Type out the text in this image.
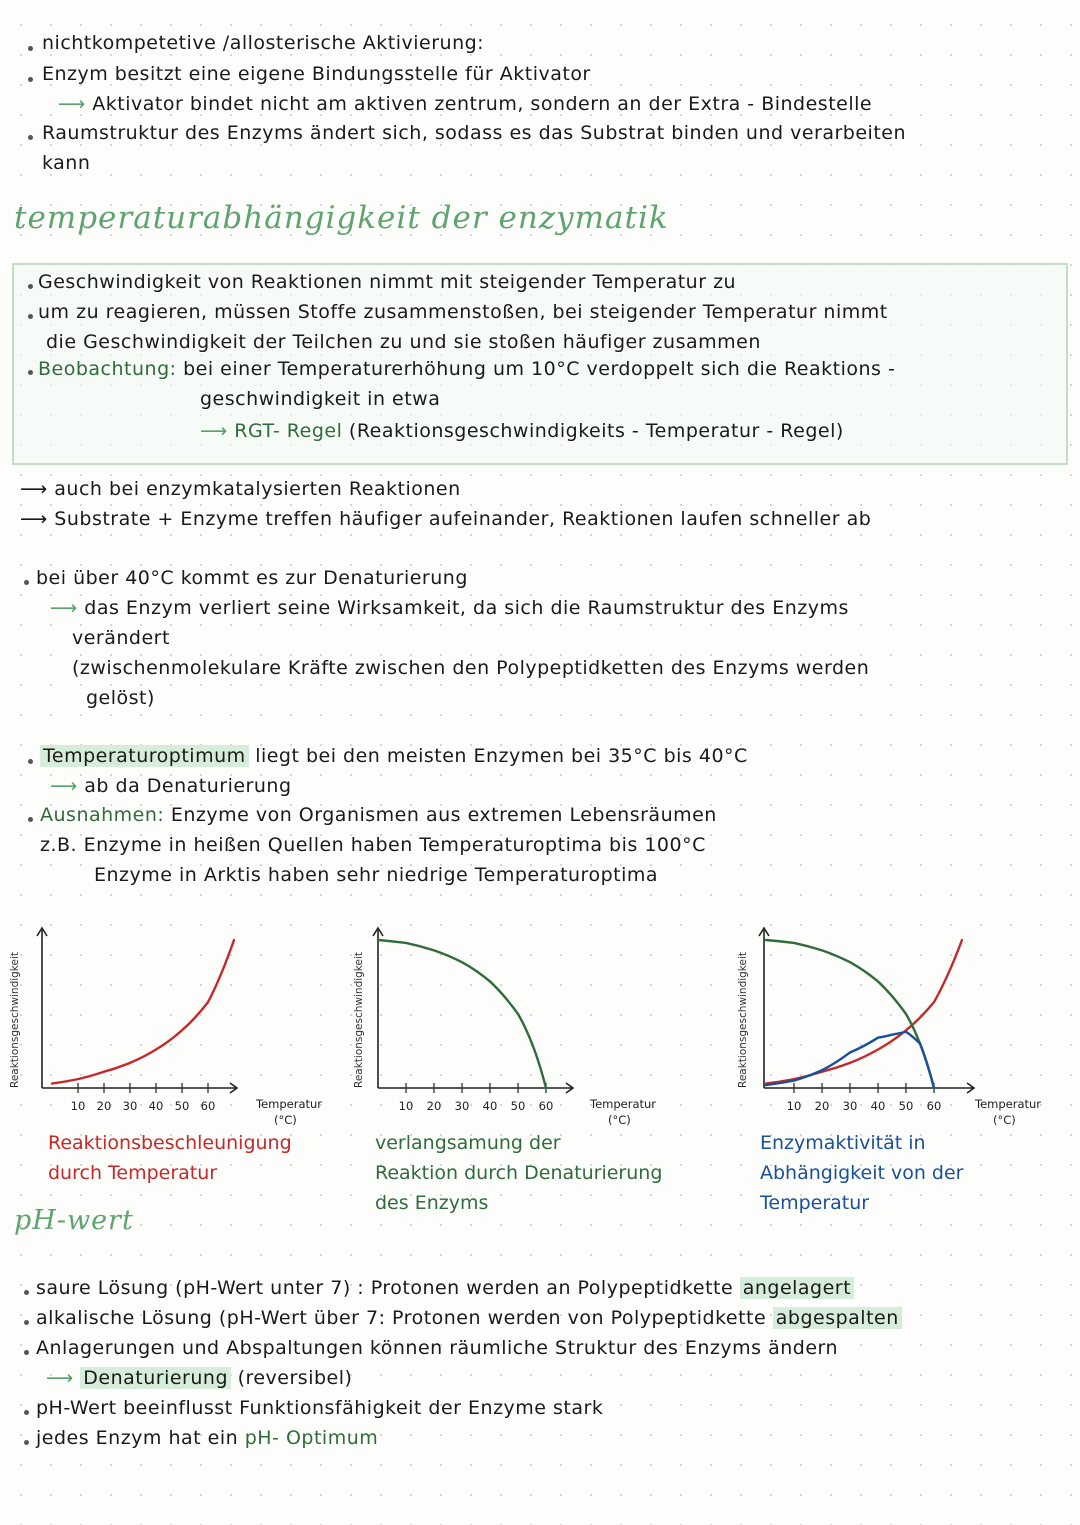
nichtkompetetive /allosterische Aktivierung:
Enzym besitzt eine eigene Bindungsstelle für Aktivator
⟶ Aktivator bindet nicht am aktiven zentrum, sondern an der Extra - Bindestelle
Raumstruktur des Enzyms ändert sich, sodass es das Substrat binden und verarbeiten
kann
temperaturabhängigkeit der enzymatik
Geschwindigkeit von Reaktionen nimmt mit steigender Temperatur zu
um zu reagieren, müssen Stoffe zusammenstoßen, bei steigender Temperatur nimmt
die Geschwindigkeit der Teilchen zu und sie stoßen häufiger zusammen
Beobachtung: bei einer Temperaturerhöhung um 10°C verdoppelt sich die Reaktions -
geschwindigkeit in etwa
⟶ RGT- Regel (Reaktionsgeschwindigkeits - Temperatur - Regel)
⟶ auch bei enzymkatalysierten Reaktionen
⟶ Substrate + Enzyme treffen häufiger aufeinander, Reaktionen laufen schneller ab
bei über 40°C kommt es zur Denaturierung
⟶ das Enzym verliert seine Wirksamkeit, da sich die Raumstruktur des Enzyms
verändert
(zwischenmolekulare Kräfte zwischen den Polypeptidketten des Enzyms werden
gelöst)
Temperaturoptimum liegt bei den meisten Enzymen bei 35°C bis 40°C
⟶ ab da Denaturierung
Ausnahmen: Enzyme von Organismen aus extremen Lebensräumen
z.B. Enzyme in heißen Quellen haben Temperaturoptima bis 100°C
Enzyme in Arktis haben sehr niedrige Temperaturoptima
Reaktionsgeschwindigkeit
10 20 30 40 50 60	Temperatur
(°C)
Reaktionsgeschwindigkeit
10 20 30 40 50 60	Temperatur
(°C)
Reaktionsgeschwindigkeit
10 20 30 40 50 60	Temperatur
(°C)
Reaktionsbeschleunigung
durch Temperatur
verlangsamung der
Reaktion durch Denaturierung
des Enzyms
Enzymaktivität in
Abhängigkeit von der
Temperatur
pH-wert
saure Lösung (pH-Wert unter 7) : Protonen werden an Polypeptidkette angelagert
alkalische Lösung (pH-Wert über 7: Protonen werden von Polypeptidkette abgespalten
Anlagerungen und Abspaltungen können räumliche Struktur des Enzyms ändern
⟶ Denaturierung (reversibel)
pH-Wert beeinflusst Funktionsfähigkeit der Enzyme stark
jedes Enzym hat ein pH- Optimum
